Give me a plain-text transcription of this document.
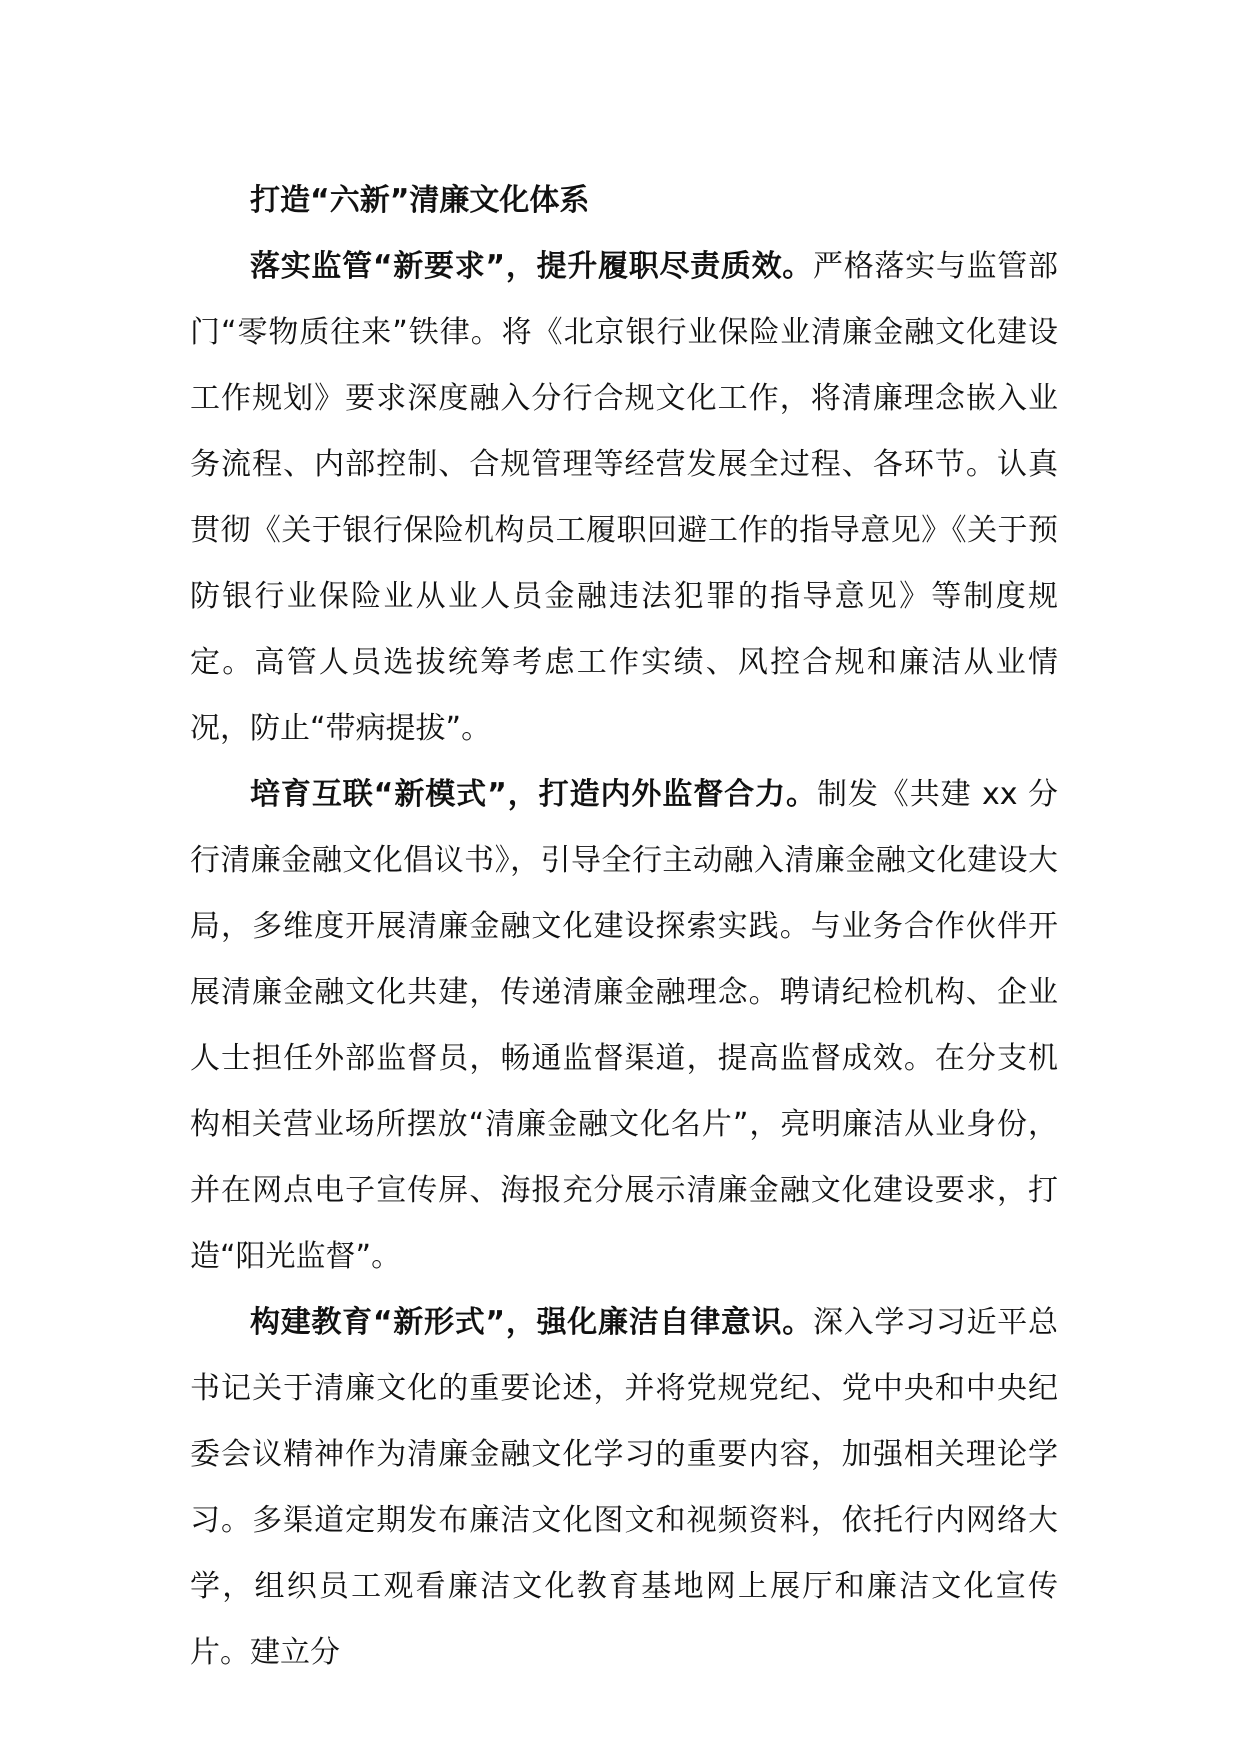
打造“六新”清廉文化体系

落实监管“新要求”，提升履职尽责质效。严格落实与监管部门“零物质往来”铁律。将《北京银行业保险业清廉金融文化建设工作规划》要求深度融入分行合规文化工作，将清廉理念嵌入业务流程、内部控制、合规管理等经营发展全过程、各环节。认真贯彻《关于银行保险机构员工履职回避工作的指导意见》《关于预防银行业保险业从业人员金融违法犯罪的指导意见》等制度规定。高管人员选拔统筹考虑工作实绩、风控合规和廉洁从业情况，防止“带病提拔”。

培育互联“新模式”，打造内外监督合力。制发《共建 xx 分行清廉金融文化倡议书》，引导全行主动融入清廉金融文化建设大局，多维度开展清廉金融文化建设探索实践。与业务合作伙伴开展清廉金融文化共建，传递清廉金融理念。聘请纪检机构、企业人士担任外部监督员，畅通监督渠道，提高监督成效。在分支机构相关营业场所摆放“清廉金融文化名片”，亮明廉洁从业身份，并在网点电子宣传屏、海报充分展示清廉金融文化建设要求，打造“阳光监督”。

构建教育“新形式”，强化廉洁自律意识。深入学习习近平总书记关于清廉文化的重要论述，并将党规党纪、党中央和中央纪委会议精神作为清廉金融文化学习的重要内容，加强相关理论学习。多渠道定期发布廉洁文化图文和视频资料，依托行内网络大学，组织员工观看廉洁文化教育基地网上展厅和廉洁文化宣传片。建立分
